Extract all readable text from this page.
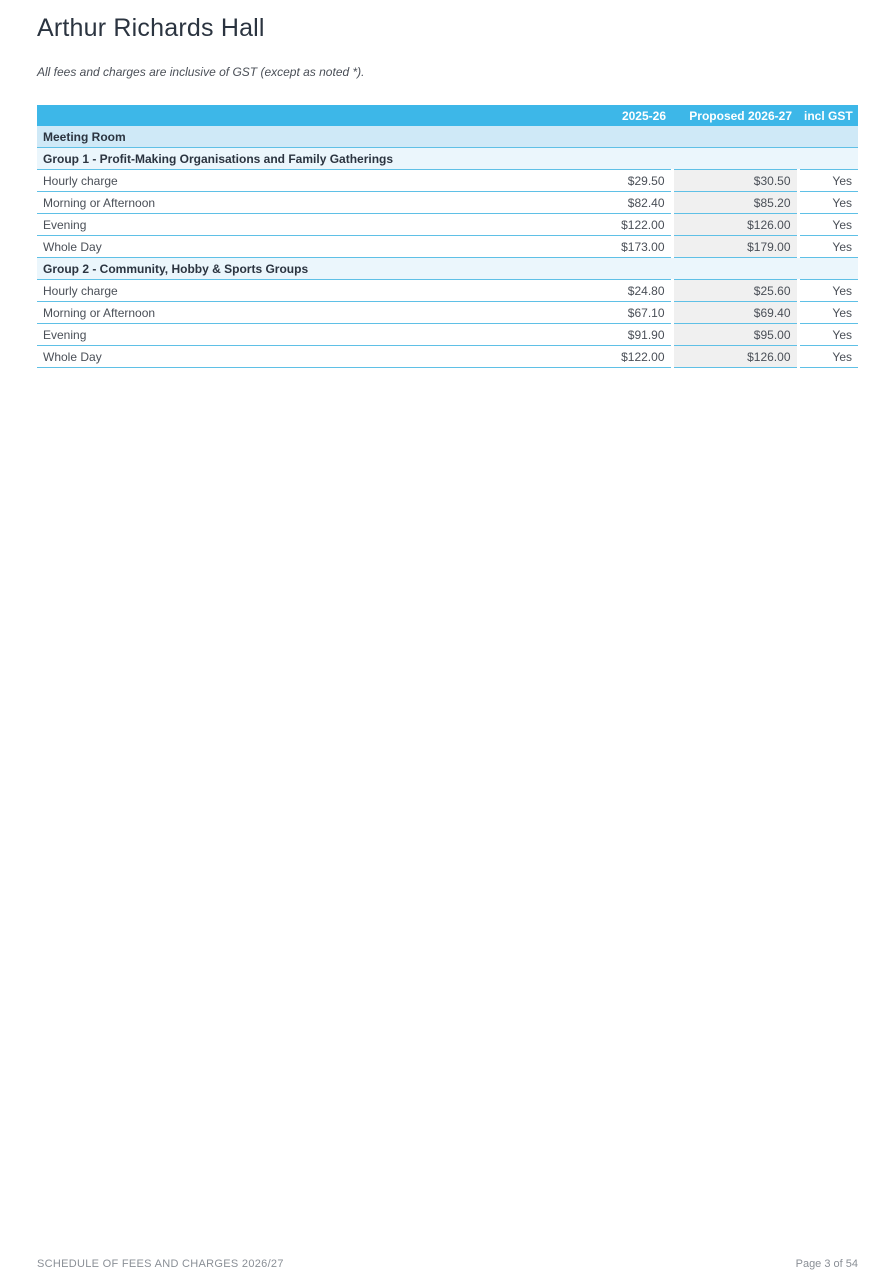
Arthur Richards Hall

All fees and charges are inclusive of GST (except as noted *).

	2025-26	Proposed 2026-27	incl GST
Meeting Room			
Group 1 - Profit-Making Organisations and Family Gatherings			
Hourly charge	$29.50	$30.50	Yes
Morning or Afternoon	$82.40	$85.20	Yes
Evening	$122.00	$126.00	Yes
Whole Day	$173.00	$179.00	Yes
Group 2 - Community, Hobby & Sports Groups			
Hourly charge	$24.80	$25.60	Yes
Morning or Afternoon	$67.10	$69.40	Yes
Evening	$91.90	$95.00	Yes
Whole Day	$122.00	$126.00	Yes
SCHEDULE OF FEES AND CHARGES 2026/27	Page 3 of 54
